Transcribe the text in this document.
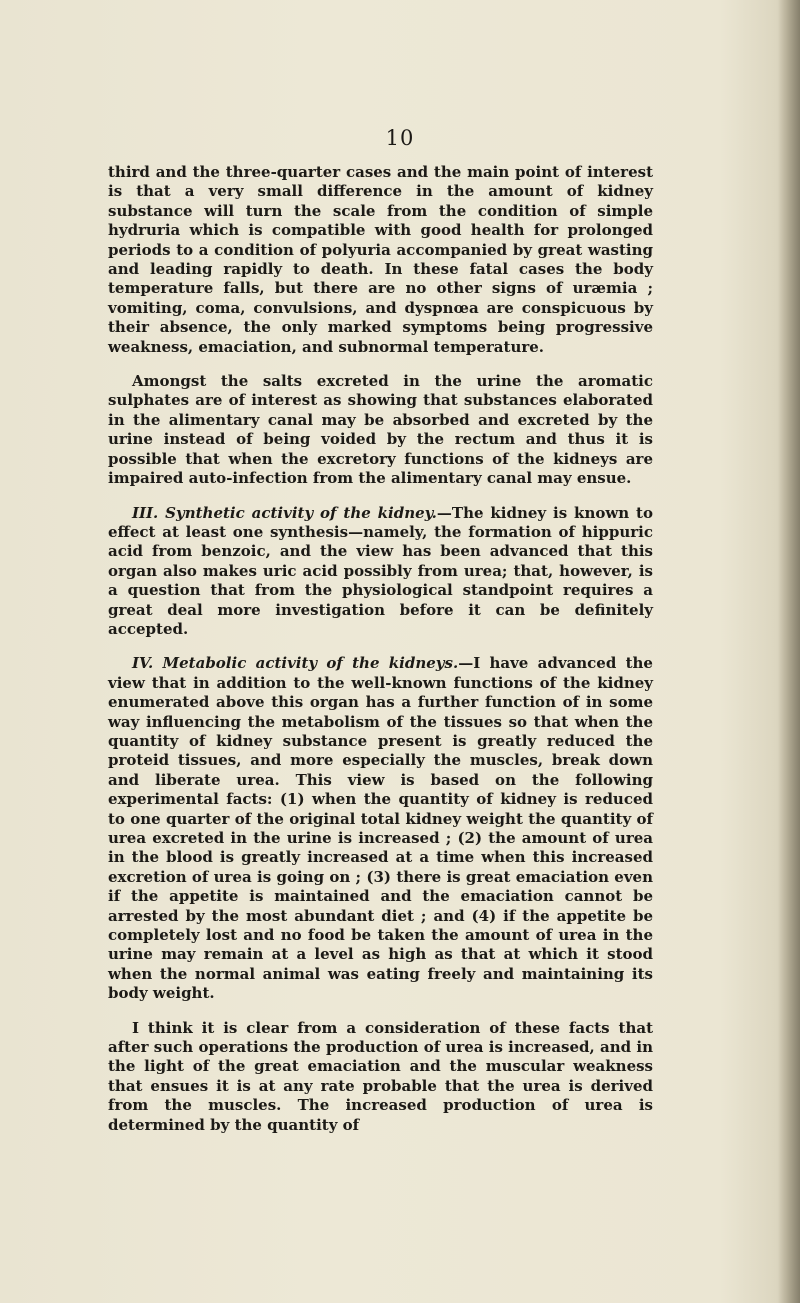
10

third and the three-quarter cases and the main point of interest is that a very small difference in the amount of kidney substance will turn the scale from the condition of simple hydruria which is compatible with good health for prolonged periods to a condition of polyuria accompanied by great wasting and leading rapidly to death. In these fatal cases the body temperature falls, but there are no other signs of uræmia ; vomiting, coma, convulsions, and dyspnœa are conspicuous by their absence, the only marked symptoms being progressive weakness, emaciation, and subnormal temperature.

Amongst the salts excreted in the urine the aromatic sulphates are of interest as showing that substances elaborated in the alimentary canal may be absorbed and excreted by the urine instead of being voided by the rectum and thus it is possible that when the excretory functions of the kidneys are impaired auto-infection from the alimentary canal may ensue.

III. Synthetic activity of the kidney.—The kidney is known to effect at least one synthesis—namely, the formation of hippuric acid from benzoic, and the view has been advanced that this organ also makes uric acid possibly from urea; that, however, is a question that from the physiological standpoint requires a great deal more investigation before it can be definitely accepted.

IV. Metabolic activity of the kidneys.—I have advanced the view that in addition to the well-known functions of the kidney enumerated above this organ has a further function of in some way influencing the metabolism of the tissues so that when the quantity of kidney substance present is greatly reduced the proteid tissues, and more especially the muscles, break down and liberate urea. This view is based on the following experimental facts: (1) when the quantity of kidney is reduced to one quarter of the original total kidney weight the quantity of urea excreted in the urine is increased ; (2) the amount of urea in the blood is greatly increased at a time when this increased excretion of urea is going on ; (3) there is great emaciation even if the appetite is maintained and the emaciation cannot be arrested by the most abundant diet ; and (4) if the appetite be completely lost and no food be taken the amount of urea in the urine may remain at a level as high as that at which it stood when the normal animal was eating freely and maintaining its body weight.

I think it is clear from a consideration of these facts that after such operations the production of urea is increased, and in the light of the great emaciation and the muscular weakness that ensues it is at any rate probable that the urea is derived from the muscles. The increased production of urea is determined by the quantity of
